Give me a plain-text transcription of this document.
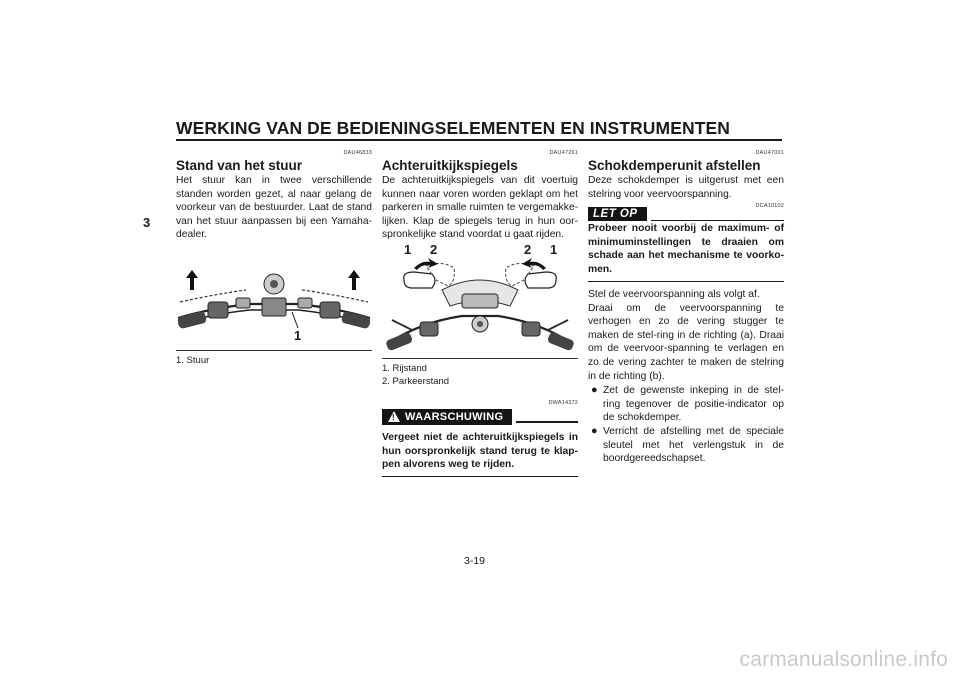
WERKING VAN DE BEDIENINGSELEMENTEN EN INSTRUMENTEN
3
DAU46833
Stand van het stuur

Het stuur kan in twee verschillende standen worden gezet, al naar gelang de voorkeur van de bestuurder. Laat de stand van het stuur aanpassen bij een Yamaha-dealer.

1
1. Stuur
DAU47261
Achteruitkijkspiegels

De achteruitkijkspiegels van dit voertuig kunnen naar voren worden geklapt om het parkeren in smalle ruimten te vergemakke-lijken. Klap de spiegels terug in hun oor-spronkelijke stand voordat u gaat rijden.

1 2	2 1
1. Rijstand
2. Parkeerstand
DWA14372
! WAARSCHUWING

Vergeet niet de achteruitkijkspiegels in hun oorspronkelijk stand terug te klap-pen alvorens weg te rijden.

DAU47001
Schokdemperunit afstellen

Deze schokdemper is uitgerust met een stelring voor veervoorspanning.

LET OP
DCA10102

Probeer nooit voorbij de maximum- of minimuminstellingen te draaien om schade aan het mechanisme te voorko-men.

Stel de veervoorspanning als volgt af.

Draai om de veervoorspanning te verhogen en zo de vering stugger te maken de stel-ring in de richting (a). Draai om de veervoor-spanning te verlagen en zo de vering zachter te maken de stelring in de richting (b).

● Zet de gewenste inkeping in de stel-ring tegenover de positie-indicator op de schokdemper.
● Verricht de afstelling met de speciale sleutel met het verlengstuk in de boordgereedschapset.
3-19
carmanualsonline.info
